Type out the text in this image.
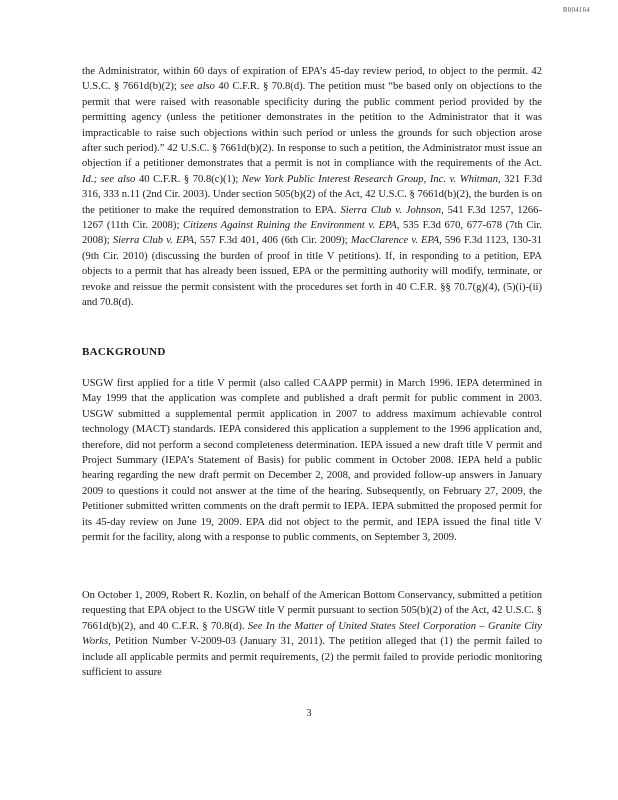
R004164

the Administrator, within 60 days of expiration of EPA’s 45-day review period, to object to the permit. 42 U.S.C. § 7661d(b)(2); see also 40 C.F.R. § 70.8(d). The petition must “be based only on objections to the permit that were raised with reasonable specificity during the public comment period provided by the permitting agency (unless the petitioner demonstrates in the petition to the Administrator that it was impracticable to raise such objections within such period or unless the grounds for such objection arose after such period).” 42 U.S.C. § 7661d(b)(2). In response to such a petition, the Administrator must issue an objection if a petitioner demonstrates that a permit is not in compliance with the requirements of the Act. Id.; see also 40 C.F.R. § 70.8(c)(1); New York Public Interest Research Group, Inc. v. Whitman, 321 F.3d 316, 333 n.11 (2nd Cir. 2003). Under section 505(b)(2) of the Act, 42 U.S.C. § 7661d(b)(2), the burden is on the petitioner to make the required demonstration to EPA. Sierra Club v. Johnson, 541 F.3d 1257, 1266-1267 (11th Cir. 2008); Citizens Against Ruining the Environment v. EPA, 535 F.3d 670, 677-678 (7th Cir. 2008); Sierra Club v. EPA, 557 F.3d 401, 406 (6th Cir. 2009); MacClarence v. EPA, 596 F.3d 1123, 130-31 (9th Cir. 2010) (discussing the burden of proof in title V petitions). If, in responding to a petition, EPA objects to a permit that has already been issued, EPA or the permitting authority will modify, terminate, or revoke and reissue the permit consistent with the procedures set forth in 40 C.F.R. §§ 70.7(g)(4), (5)(i)-(ii) and 70.8(d).

BACKGROUND

USGW first applied for a title V permit (also called CAAPP permit) in March 1996. IEPA determined in May 1999 that the application was complete and published a draft permit for public comment in 2003. USGW submitted a supplemental permit application in 2007 to address maximum achievable control technology (MACT) standards. IEPA considered this application a supplement to the 1996 application and, therefore, did not perform a second completeness determination. IEPA issued a new draft title V permit and Project Summary (IEPA’s Statement of Basis) for public comment in October 2008. IEPA held a public hearing regarding the new draft permit on December 2, 2008, and provided follow-up answers in January 2009 to questions it could not answer at the time of the hearing. Subsequently, on February 27, 2009, the Petitioner submitted written comments on the draft permit to IEPA. IEPA submitted the proposed permit for its 45-day review on June 19, 2009. EPA did not object to the permit, and IEPA issued the final title V permit for the facility, along with a response to public comments, on September 3, 2009.

On October 1, 2009, Robert R. Kozlin, on behalf of the American Bottom Conservancy, submitted a petition requesting that EPA object to the USGW title V permit pursuant to section 505(b)(2) of the Act, 42 U.S.C. § 7661d(b)(2), and 40 C.F.R. § 70.8(d). See In the Matter of United States Steel Corporation – Granite City Works, Petition Number V-2009-03 (January 31, 2011). The petition alleged that (1) the permit failed to include all applicable permits and permit requirements, (2) the permit failed to provide periodic monitoring sufficient to assure

3
